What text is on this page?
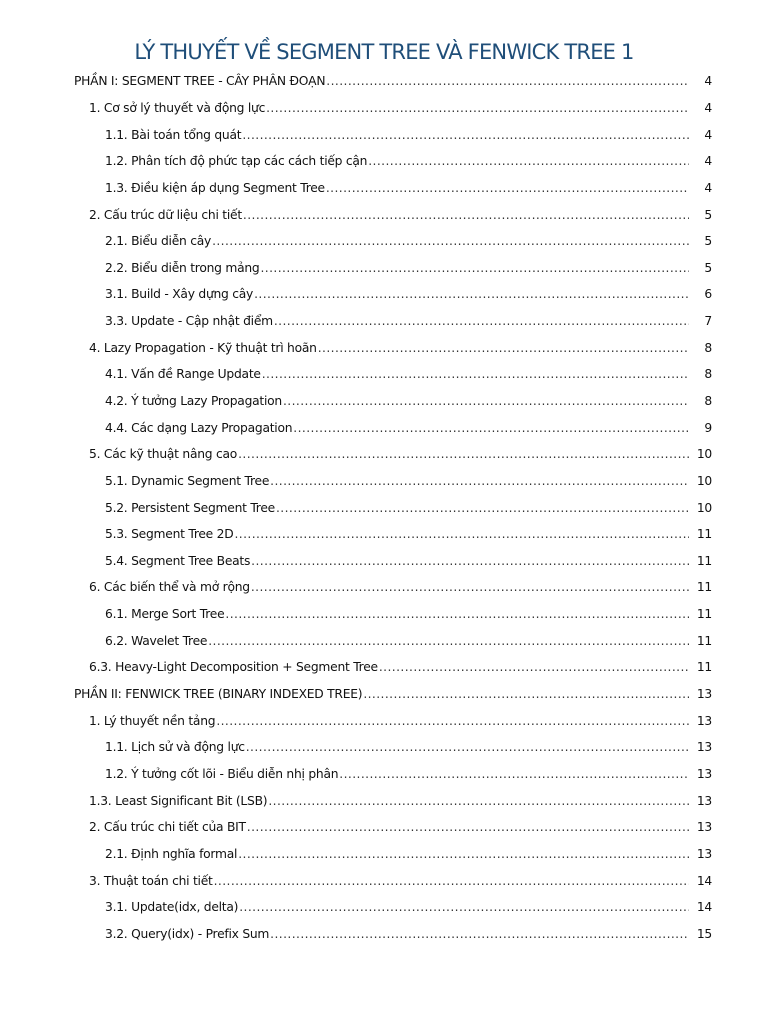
LÝ THUYẾT VỀ SEGMENT TREE VÀ FENWICK TREE 1
PHẦN I: SEGMENT TREE - CÂY PHÂN ĐOẠN .....	4
1. Cơ sở lý thuyết và động lực .....	4
1.1. Bài toán tổng quát .....	4
1.2. Phân tích độ phức tạp các cách tiếp cận .....	4
1.3. Điều kiện áp dụng Segment Tree .....	4
2. Cấu trúc dữ liệu chi tiết .....	5
2.1. Biểu diễn cây .....	5
2.2. Biểu diễn trong mảng .....	5
3.1. Build - Xây dựng cây .....	6
3.3. Update - Cập nhật điểm .....	7
4. Lazy Propagation - Kỹ thuật trì hoãn .....	8
4.1. Vấn đề Range Update .....	8
4.2. Ý tưởng Lazy Propagation .....	8
4.4. Các dạng Lazy Propagation .....	9
5. Các kỹ thuật nâng cao .....	10
5.1. Dynamic Segment Tree .....	10
5.2. Persistent Segment Tree .....	10
5.3. Segment Tree 2D .....	11
5.4. Segment Tree Beats .....	11
6. Các biến thể và mở rộng .....	11
6.1. Merge Sort Tree .....	11
6.2. Wavelet Tree .....	11
6.3. Heavy-Light Decomposition + Segment Tree .....	11
PHẦN II: FENWICK TREE (BINARY INDEXED TREE) .....	13
1. Lý thuyết nền tảng .....	13
1.1. Lịch sử và động lực .....	13
1.2. Ý tưởng cốt lõi - Biểu diễn nhị phân .....	13
1.3. Least Significant Bit (LSB) .....	13
2. Cấu trúc chi tiết của BIT .....	13
2.1. Định nghĩa formal .....	13
3. Thuật toán chi tiết .....	14
3.1. Update(idx, delta) .....	14
3.2. Query(idx) - Prefix Sum .....	15
